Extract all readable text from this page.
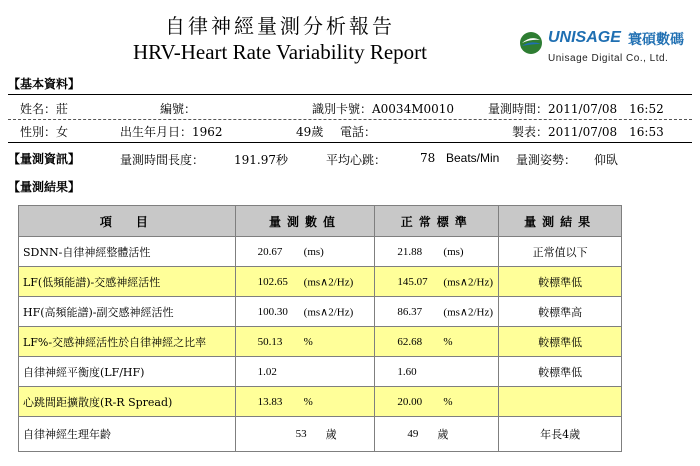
自律神經量測分析報告
HRV-Heart Rate Variability Report
UNISAGE 寰碩數碼
Unisage Digital Co., Ltd.
【基本資料】
姓名：莊	編號：	識別卡號：A0034M0010	量測時間：2011/07/08　16:52
性別：女	出生年月日：1962	49歲 電話：	製表：2011/07/08　16:53
【量測資訊】	量測時間長度： 191.97秒	平均心跳：	78 Beats/Min 量測姿勢： 仰臥
【量測結果】
項　目	量測數值	正常標準	量測結果
SDNN-自律神經整體活性	20.67 (ms)	21.88 (ms)	正常值以下
LF(低頻能譜)-交感神經活性	102.65 (ms∧2/Hz)	145.07 (ms∧2/Hz)	較標準低
HF(高頻能譜)-副交感神經活性	100.30 (ms∧2/Hz)	86.37 (ms∧2/Hz)	較標準高
LF%-交感神經活性於自律神經之比率	50.13 %	62.68 %	較標準低
自律神經平衡度(LF/HF)	1.02	1.60	較標準低
心跳間距擴散度(R-R Spread)	13.83 %	20.00 %	

自律神經生理年齡	53 歲	49 歲	年長4歲
